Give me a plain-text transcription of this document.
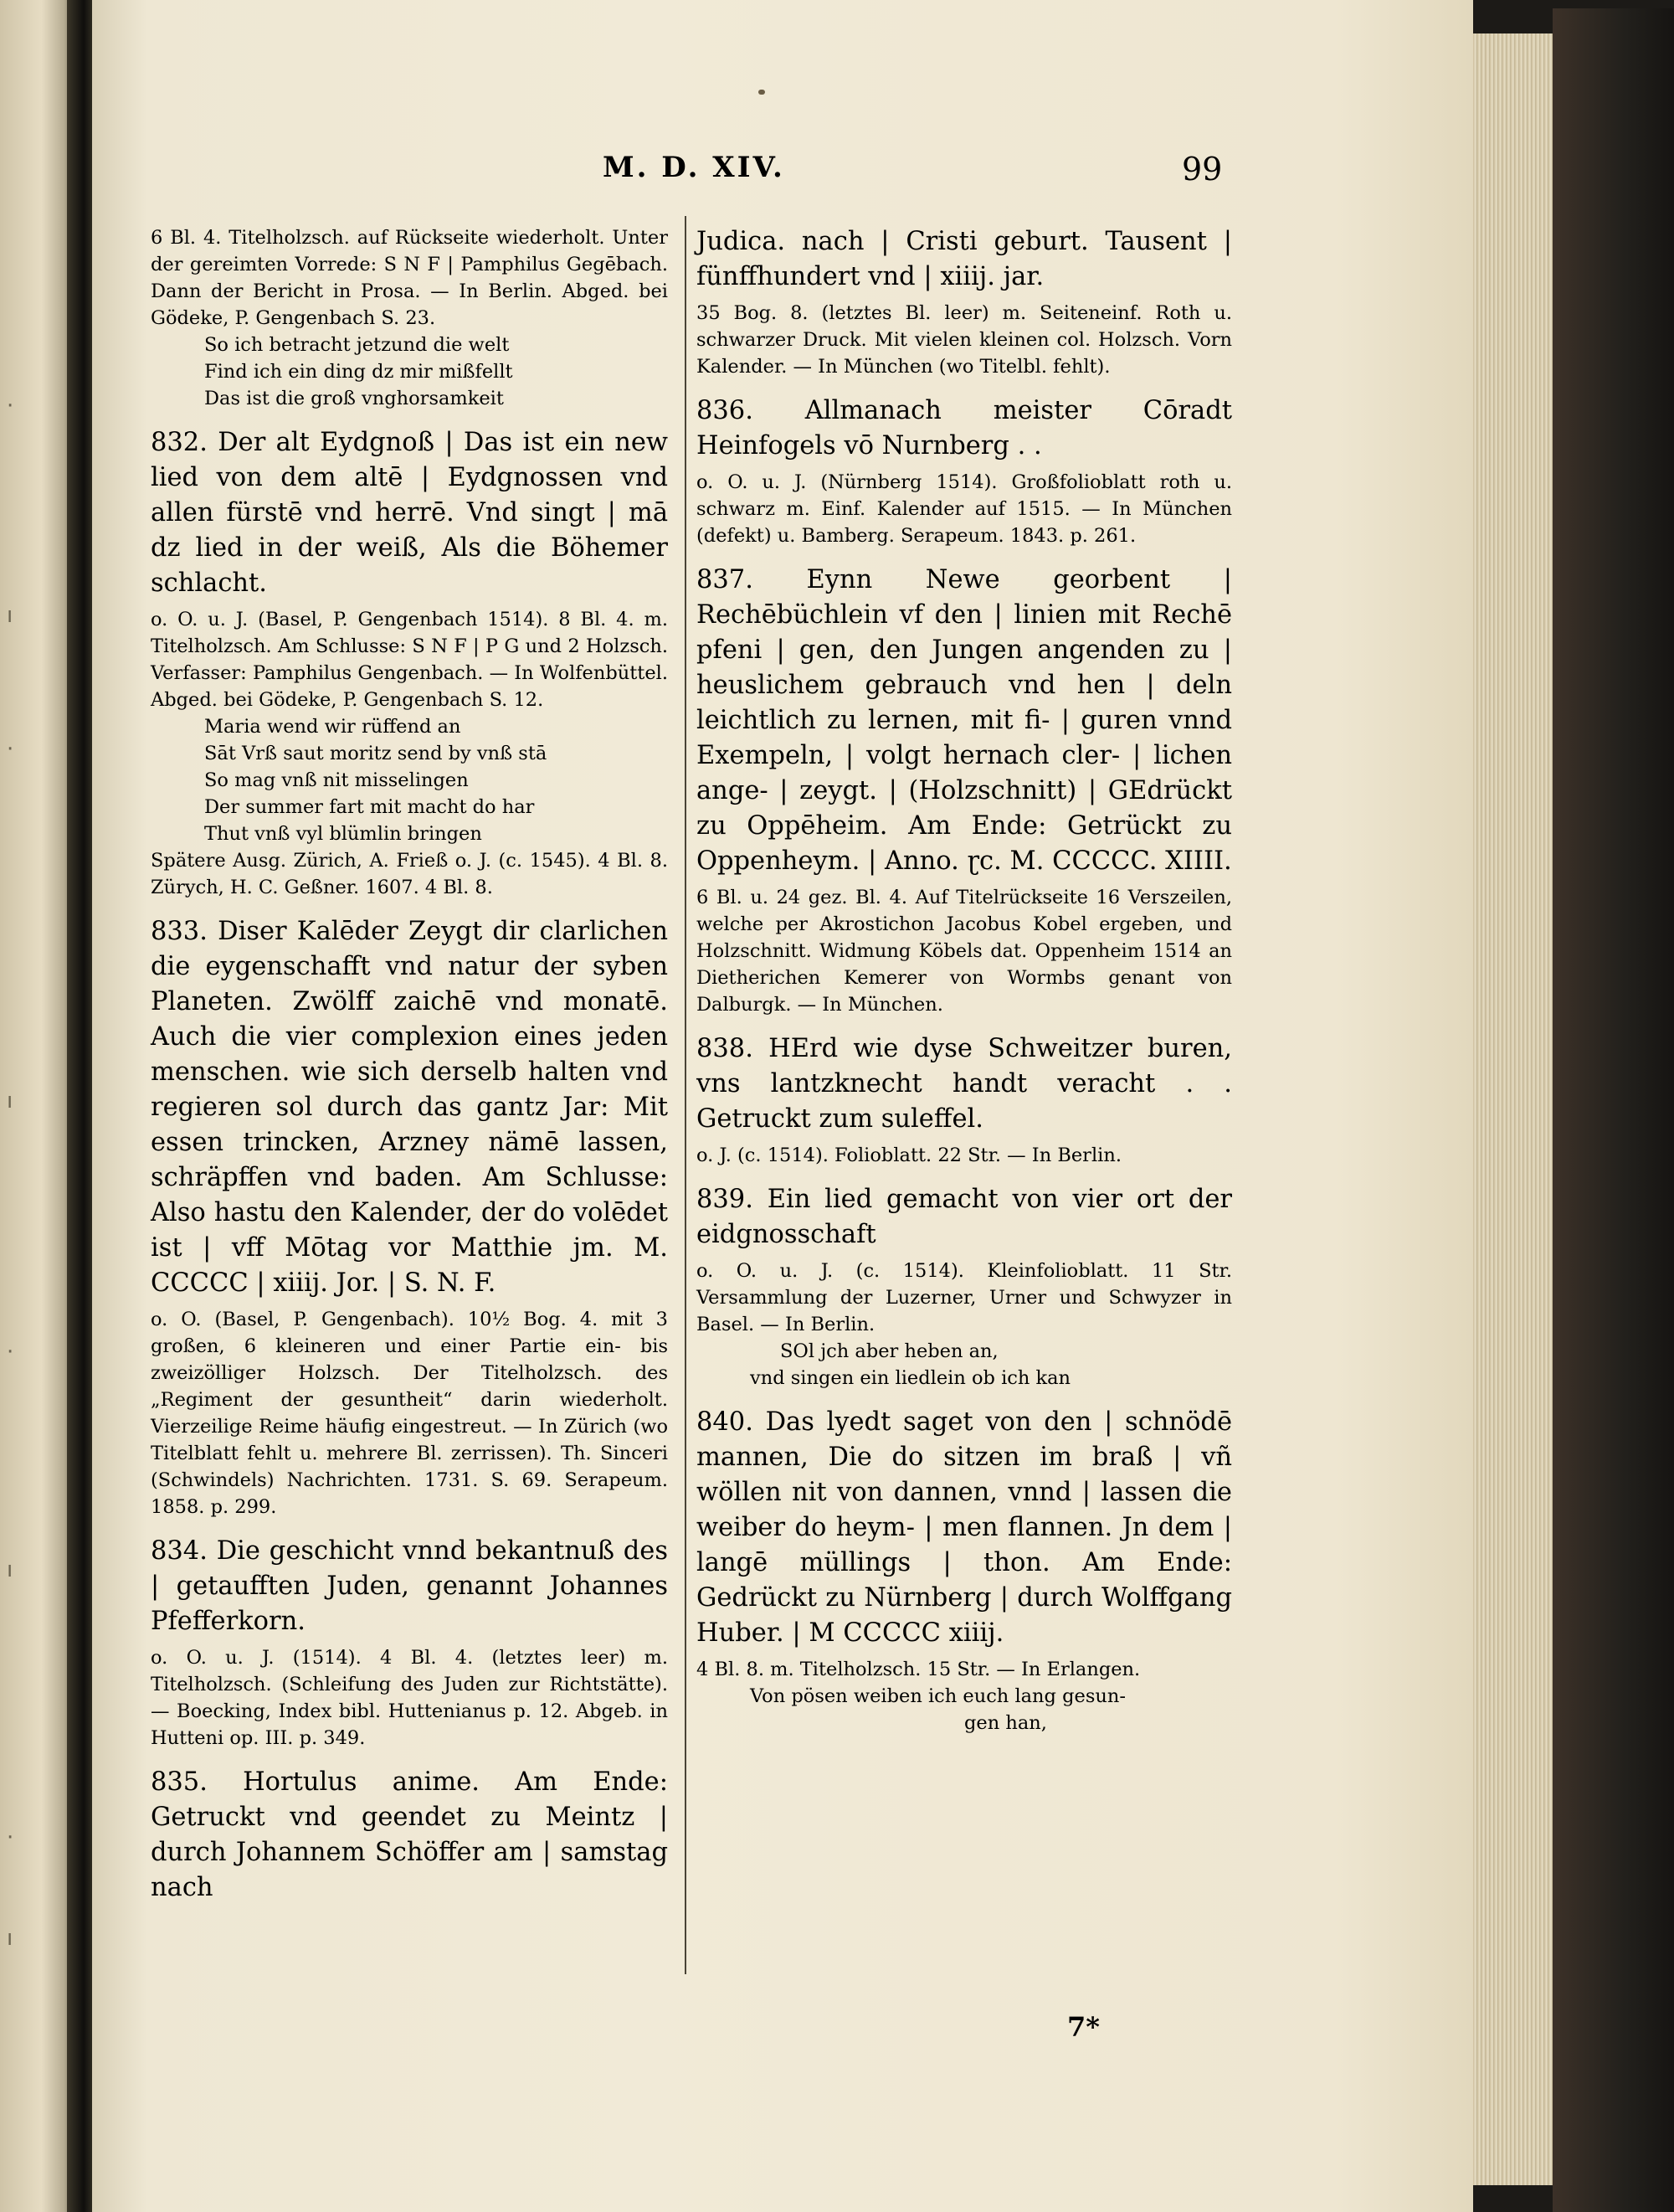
·
ı
·
ı
·
ı
·
ı
M. D. XIV.	99

6 Bl. 4. Titelholzsch. auf Rückseite wiederholt. Unter der gereimten Vorrede: S N F | Pamphilus Gegēbach. Dann der Bericht in Prosa. — In Berlin. Abged. bei Gödeke, P. Gengenbach S. 23.

So ich betracht jetzund die welt

Find ich ein ding dz mir mißfellt

Das ist die groß vnghorsamkeit

832. Der alt Eydgnoß | Das ist ein new lied von dem altē | Eydgnossen vnd allen fürstē vnd herrē. Vnd singt | mā dz lied in der weiß, Als die Böhemer schlacht.

o. O. u. J. (Basel, P. Gengenbach 1514). 8 Bl. 4. m. Titelholzsch. Am Schlusse: S N F | P G und 2 Holzsch. Verfasser: Pamphilus Gengenbach. — In Wolfenbüttel. Abged. bei Gödeke, P. Gengenbach S. 12.

Maria wend wir rüffend an

Sāt Vrß saut moritz send by vnß stā

So mag vnß nit misselingen

Der summer fart mit macht do har

Thut vnß vyl blümlin bringen

Spätere Ausg. Zürich, A. Frieß o. J. (c. 1545). 4 Bl. 8. Zürych, H. C. Geßner. 1607. 4 Bl. 8.

833. Diser Kalēder Zeygt dir clarlichen die eygenschafft vnd natur der syben Planeten. Zwölff zaichē vnd monatē. Auch die vier complexion eines jeden menschen. wie sich derselb halten vnd regieren sol durch das gantz Jar: Mit essen trincken, Arzney nämē lassen, schräpffen vnd baden. Am Schlusse: Also hastu den Kalender, der do volēdet ist | vff Mōtag vor Matthie jm. M. CCCCC | xiiij. Jor. | S. N. F.

o. O. (Basel, P. Gengenbach). 10½ Bog. 4. mit 3 großen, 6 kleineren und einer Partie ein- bis zweizölliger Holzsch. Der Titelholzsch. des „Regiment der gesuntheit“ darin wiederholt. Vierzeilige Reime häufig eingestreut. — In Zürich (wo Titelblatt fehlt u. mehrere Bl. zerrissen). Th. Sinceri (Schwindels) Nachrichten. 1731. S. 69. Serapeum. 1858. p. 299.

834. Die geschicht vnnd bekantnuß des | getaufften Juden, genannt Johannes Pfefferkorn.

o. O. u. J. (1514). 4 Bl. 4. (letztes leer) m. Titelholzsch. (Schleifung des Juden zur Richtstätte). — Boecking, Index bibl. Huttenianus p. 12. Abgeb. in Hutteni op. III. p. 349.

835. Hortulus anime. Am Ende: Getruckt vnd geendet zu Meintz | durch Johannem Schöffer am | samstag nach

Judica. nach | Cristi geburt. Tausent | fünffhundert vnd | xiiij. jar.

35 Bog. 8. (letztes Bl. leer) m. Seiteneinf. Roth u. schwarzer Druck. Mit vielen kleinen col. Holzsch. Vorn Kalender. — In München (wo Titelbl. fehlt).

836. Allmanach meister Cōradt Heinfogels vō Nurnberg . .

o. O. u. J. (Nürnberg 1514). Großfolioblatt roth u. schwarz m. Einf. Kalender auf 1515. — In München (defekt) u. Bamberg. Serapeum. 1843. p. 261.

837. Eynn Newe georbent | Rechēbüchlein vf den | linien mit Rechē pfeni | gen, den Jungen angenden zu | heuslichem gebrauch vnd hen | deln leichtlich zu lernen, mit fi- | guren vnnd Exempeln, | volgt hernach cler- | lichen ange- | zeygt. | (Holzschnitt) | GEdrückt zu Oppēheim. Am Ende: Getrückt zu Oppenheym. | Anno. ɽc. M. CCCCC. XIIII.

6 Bl. u. 24 gez. Bl. 4. Auf Titelrückseite 16 Verszeilen, welche per Akrostichon Jacobus Kobel ergeben, und Holzschnitt. Widmung Köbels dat. Oppenheim 1514 an Dietherichen Kemerer von Wormbs genant von Dalburgk. — In München.

838. HErd wie dyse Schweitzer buren, vns lantzknecht handt veracht . . Getruckt zum suleffel.

o. J. (c. 1514). Folioblatt. 22 Str. — In Berlin.

839. Ein lied gemacht von vier ort der eidgnosschaft

o. O. u. J. (c. 1514). Kleinfolioblatt. 11 Str. Versammlung der Luzerner, Urner und Schwyzer in Basel. — In Berlin.

SOl jch aber heben an,

vnd singen ein liedlein ob ich kan

840. Das lyedt saget von den | schnödē mannen, Die do sitzen im braß | vñ wöllen nit von dannen, vnnd | lassen die weiber do heym- | men flannen. Jn dem | langē müllings | thon. Am Ende: Gedrückt zu Nürnberg | durch Wolffgang Huber. | M CCCCC xiiij.

4 Bl. 8. m. Titelholzsch. 15 Str. — In Erlangen.

Von pösen weiben ich euch lang gesun-

gen han,

7*
